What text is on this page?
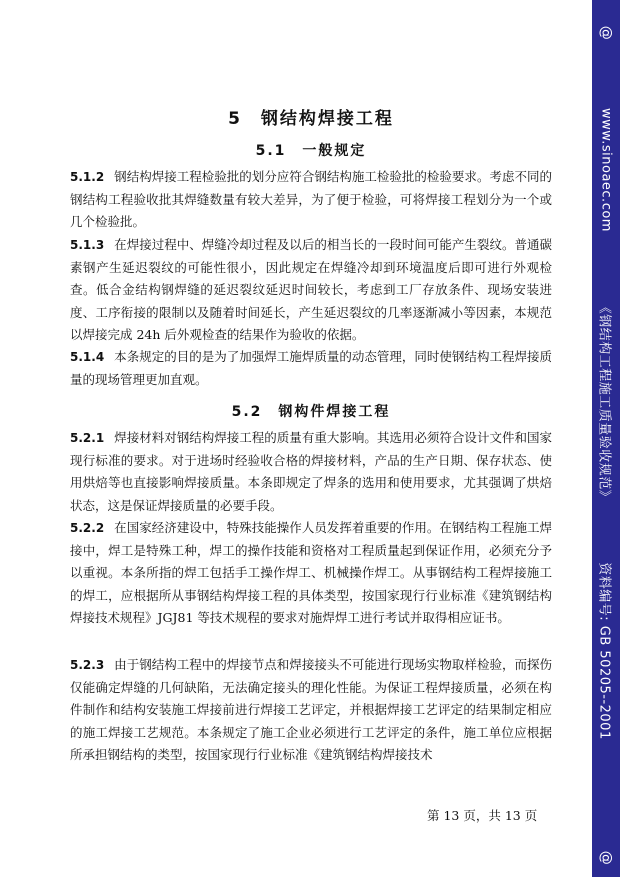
@
www.sinoaec.com
《钢结构工程施工质量验收规范》
资料编号: GB 50205--2001
@
5　钢结构焊接工程
5.1　一般规定

5.1.2 钢结构焊接工程检验批的划分应符合钢结构施工检验批的检验要求。考虑不同的钢结构工程验收批其焊缝数量有较大差异，为了便于检验，可将焊接工程划分为一个或几个检验批。

5.1.3 在焊接过程中、焊缝冷却过程及以后的相当长的一段时间可能产生裂纹。普通碳素钢产生延迟裂纹的可能性很小，因此规定在焊缝冷却到环境温度后即可进行外观检查。低合金结构钢焊缝的延迟裂纹延迟时间较长，考虑到工厂存放条件、现场安装进度、工序衔接的限制以及随着时间延长，产生延迟裂纹的几率逐渐减小等因素，本规范以焊接完成 24h 后外观检查的结果作为验收的依据。

5.1.4 本条规定的目的是为了加强焊工施焊质量的动态管理，同时使钢结构工程焊接质量的现场管理更加直观。

5.2　钢构件焊接工程

5.2.1 焊接材料对钢结构焊接工程的质量有重大影响。其选用必须符合设计文件和国家现行标准的要求。对于进场时经验收合格的焊接材料，产品的生产日期、保存状态、使用烘焙等也直接影响焊接质量。本条即规定了焊条的选用和使用要求，尤其强调了烘焙状态，这是保证焊接质量的必要手段。

5.2.2 在国家经济建设中，特殊技能操作人员发挥着重要的作用。在钢结构工程施工焊接中，焊工是特殊工种，焊工的操作技能和资格对工程质量起到保证作用，必须充分予以重视。本条所指的焊工包括手工操作焊工、机械操作焊工。从事钢结构工程焊接施工的焊工，应根据所从事钢结构焊接工程的具体类型，按国家现行行业标准《建筑钢结构焊接技术规程》JGJ81 等技术规程的要求对施焊焊工进行考试并取得相应证书。

5.2.3 由于钢结构工程中的焊接节点和焊接接头不可能进行现场实物取样检验，而探伤仅能确定焊缝的几何缺陷，无法确定接头的理化性能。为保证工程焊接质量，必须在构件制作和结构安装施工焊接前进行焊接工艺评定，并根据焊接工艺评定的结果制定相应的施工焊接工艺规范。本条规定了施工企业必须进行工艺评定的条件，施工单位应根据所承担钢结构的类型，按国家现行行业标准《建筑钢结构焊接技术

第 13 页，共 13 页
